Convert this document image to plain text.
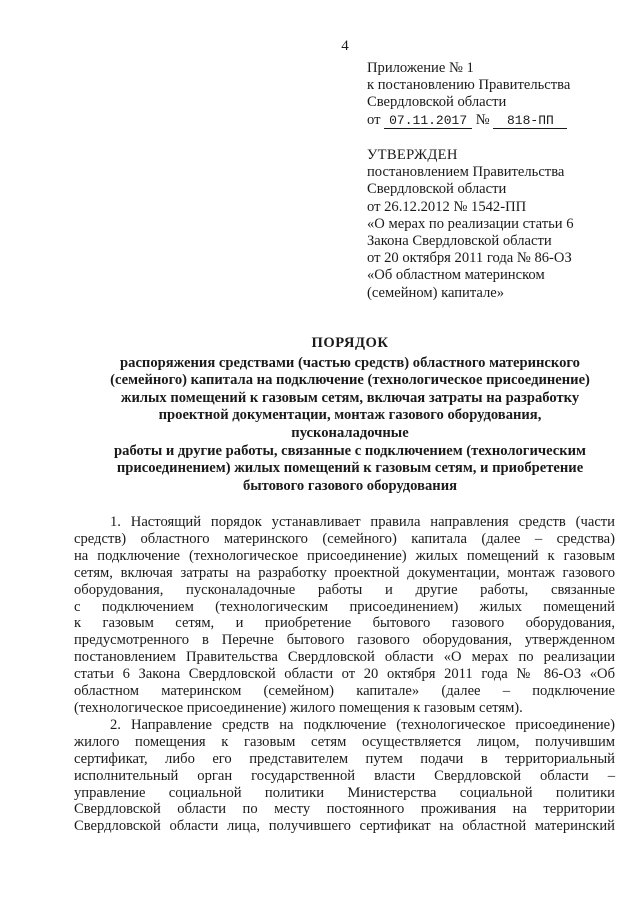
4
Приложение № 1
к постановлению Правительства
Свердловской области
от 07.11.2017 № 818-ПП
УТВЕРЖДЕН
постановлением Правительства
Свердловской области
от 26.12.2012 № 1542-ПП
«О мерах по реализации статьи 6
Закона Свердловской области
от 20 октября 2011 года № 86-ОЗ
«Об областном материнском
(семейном) капитале»
ПОРЯДОК
распоряжения средствами (частью средств) областного материнского
(семейного) капитала на подключение (технологическое присоединение)
жилых помещений к газовым сетям, включая затраты на разработку
проектной документации, монтаж газового оборудования, пусконаладочные
работы и другие работы, связанные с подключением (технологическим
присоединением) жилых помещений к газовым сетям, и приобретение
бытового газового оборудования
1. Настоящий порядок устанавливает правила направления средств (части
средств) областного материнского (семейного) капитала (далее – средства)
на подключение (технологическое присоединение) жилых помещений к газовым
сетям, включая затраты на разработку проектной документации, монтаж газового
оборудования, пусконаладочные работы и другие работы, связанные
с подключением (технологическим присоединением) жилых помещений
к газовым сетям, и приобретение бытового газового оборудования,
предусмотренного в Перечне бытового газового оборудования, утвержденном
постановлением Правительства Свердловской области «О мерах по реализации
статьи 6 Закона Свердловской области от 20 октября 2011 года № 86-ОЗ «Об
областном материнском (семейном) капитале» (далее – подключение
(технологическое присоединение) жилого помещения к газовым сетям).
2. Направление средств на подключение (технологическое присоединение)
жилого помещения к газовым сетям осуществляется лицом, получившим
сертификат, либо его представителем путем подачи в территориальный
исполнительный орган государственной власти Свердловской области –
управление социальной политики Министерства социальной политики
Свердловской области по месту постоянного проживания на территории
Свердловской области лица, получившего сертификат на областной материнский
